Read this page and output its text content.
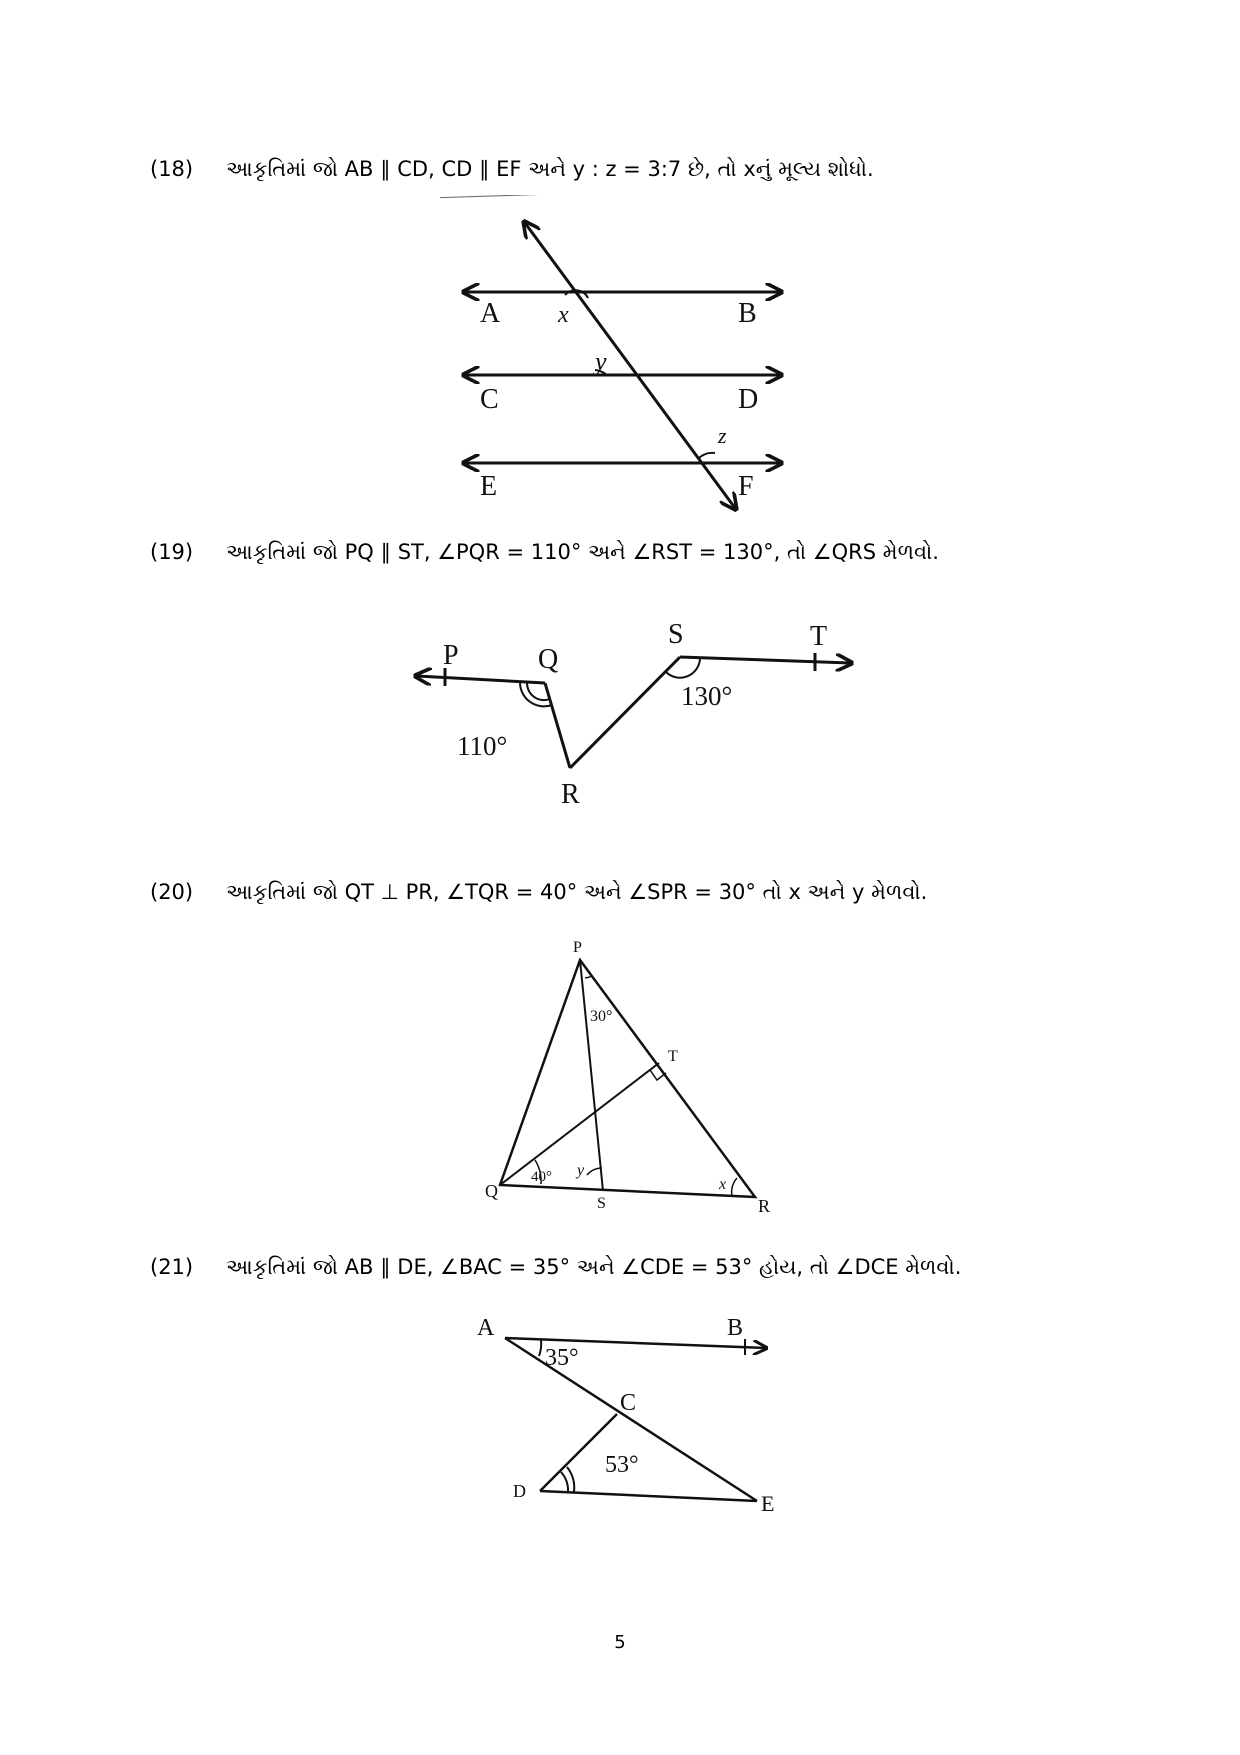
(18) આકૃતિમાં જો AB ∥ CD, CD ∥ EF અને y : z = 3:7 છે, તો xનું મૂલ્ય શોધો.
A x	B
y
C	D
z
E	F
(19) આકૃતિમાં જો PQ ∥ ST, ∠PQR = 110° અને ∠RST = 130°, તો ∠QRS મેળવો.
P	Q
110°
R
S
130°
T
(20) આકૃતિમાં જો QT ⊥ PR, ∠TQR = 40° અને ∠SPR = 30° તો x અને y મેળવો.
P
30°
T
40° y
x
Q
S	R
(21) આકૃતિમાં જો AB ∥ DE, ∠BAC = 35° અને ∠CDE = 53° હોય, તો ∠DCE મેળવો.
A
35°
B
C
53°
D	E
5
